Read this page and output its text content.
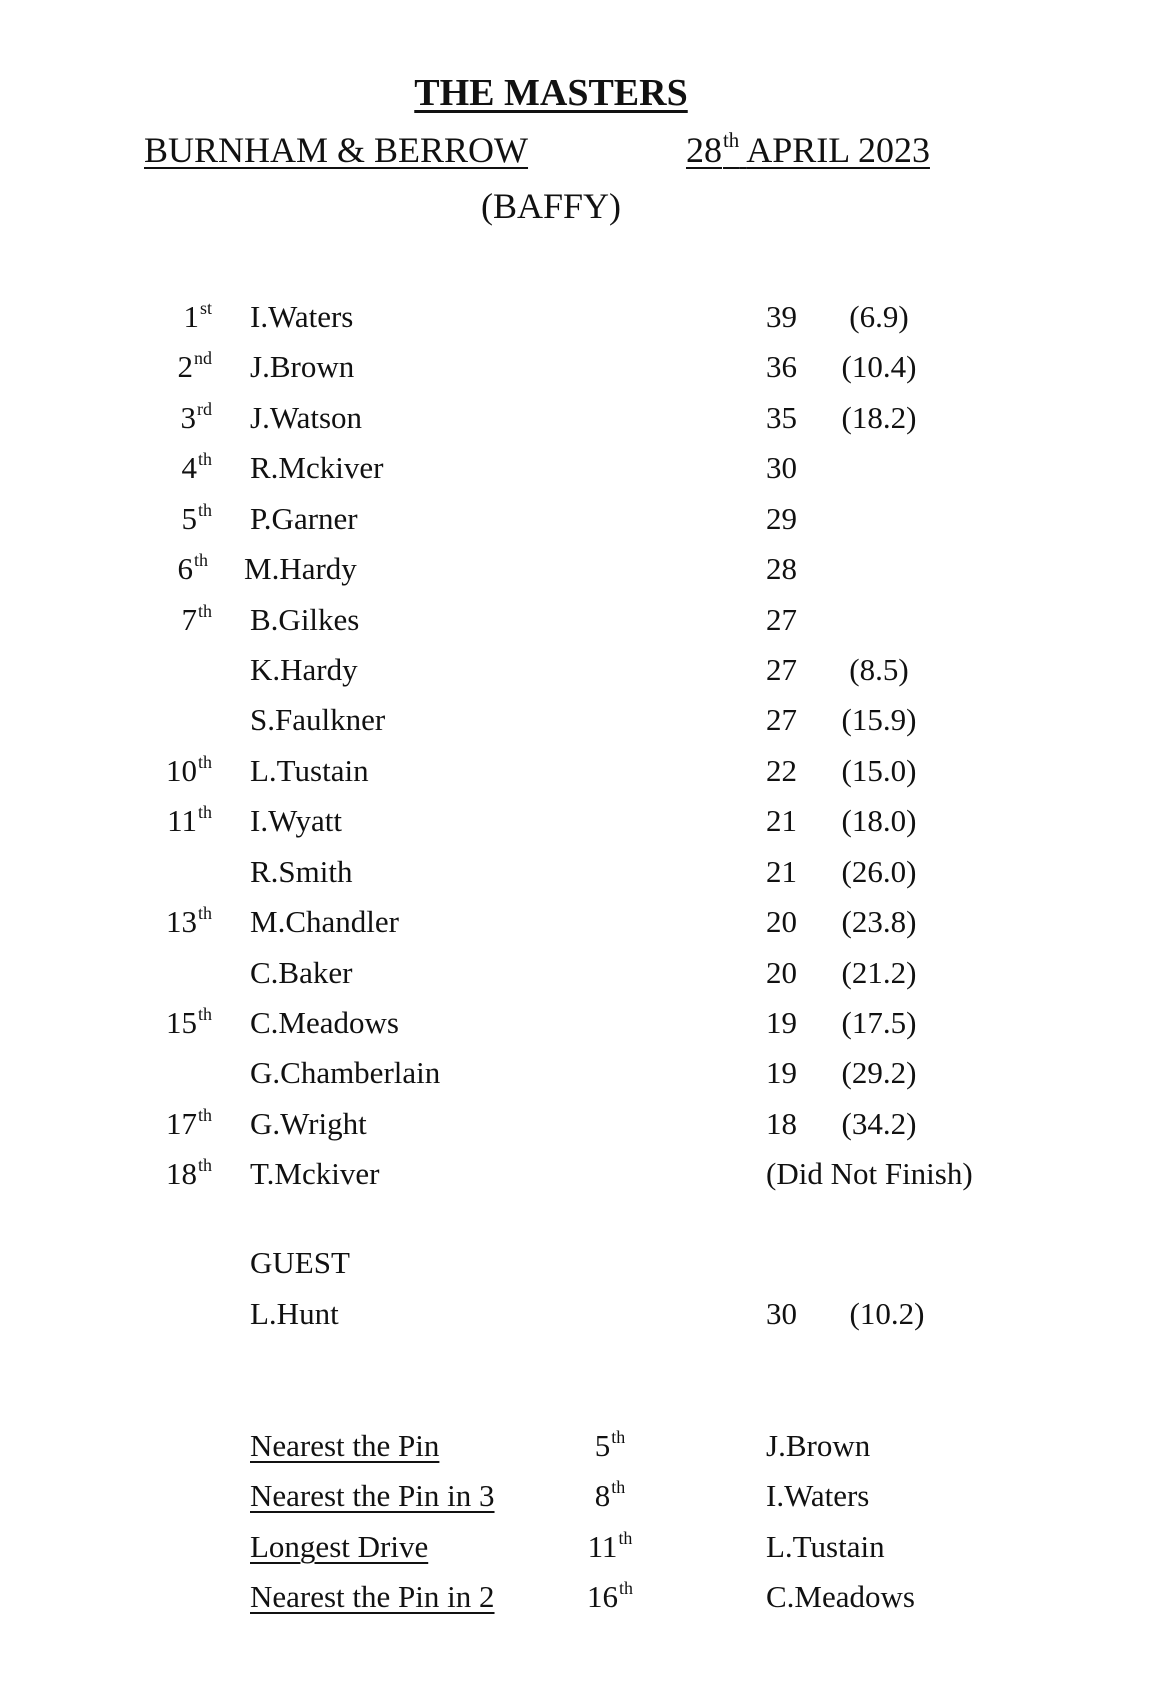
THE MASTERS
BURNHAM & BERROW	28th APRIL 2023
(BAFFY)
1st I.Waters	39	(6.9)
2nd J.Brown	36 (10.4)
3rd J.Watson	35 (18.2)
4th R.Mckiver	30
5th P.Garner	29
6th M.Hardy	28
7th B.Gilkes	27
K.Hardy	27	(8.5)
S.Faulkner	27 (15.9)
10th L.Tustain	22 (15.0)
11th I.Wyatt	21 (18.0)
R.Smith	21 (26.0)
13th M.Chandler	20 (23.8)
C.Baker	20 (21.2)
15th C.Meadows	19 (17.5)
G.Chamberlain	19 (29.2)
17th G.Wright	18 (34.2)
18th T.Mckiver	(Did Not Finish)
GUEST
L.Hunt	30 (10.2)
Nearest the Pin	5th	J.Brown
Nearest the Pin in 3	8th	I.Waters
Longest Drive	11th	L.Tustain
Nearest the Pin in 2	16th	C.Meadows
